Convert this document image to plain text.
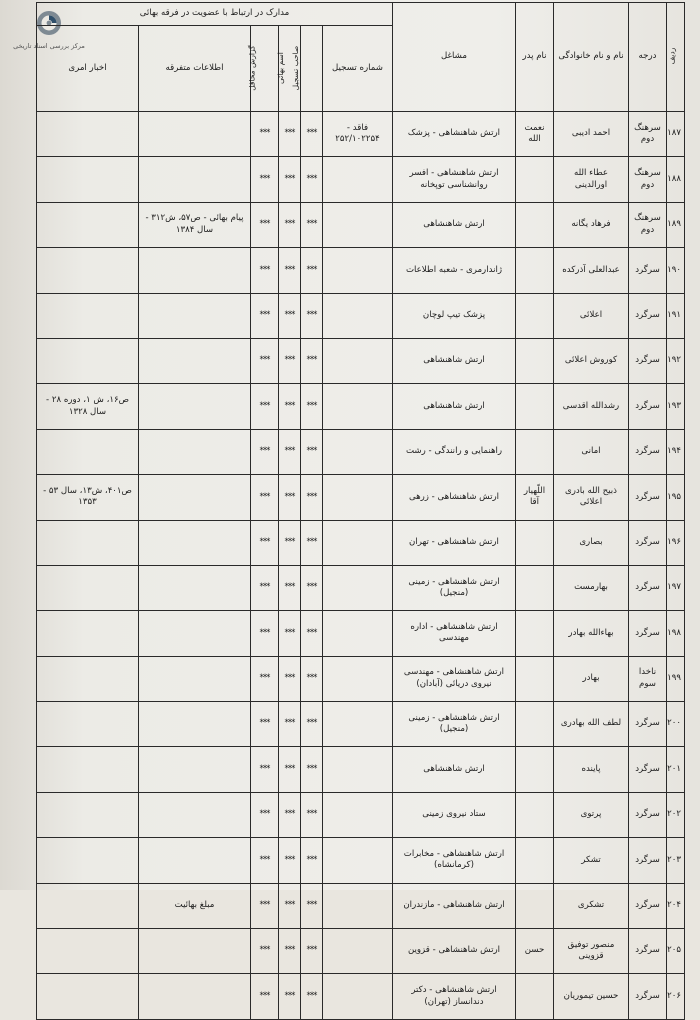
مرکز بررسی اسناد تاریخی
ردیف	درجه	نام و نام خانوادگی	نام پدر	مشاغل	مدارک در ارتباط با عضویت در فرقه بهائی					
					شماره تسجیل	صاحب تسجیل	اسم بهائی	گزارش محافل	اطلاعات متفرقه	اخبار امری
۱۸۷	سرهنگ دوم	احمد ادیبی	نعمت الله	ارتش شاهنشاهی - پزشک	فاقد - ۲۵۲/۱۰۲۲۵۴	***	***	***		
۱۸۸	سرهنگ دوم	عطاء الله اورالدینی		ارتش شاهنشاهی - افسر روانشناسی توپخانه		***	***	***		
۱۸۹	سرهنگ دوم	فرهاد یگانه		ارتش شاهنشاهی		***	***	***	پیام بهائی - ص۵۷، ش۳۱۲ - سال ۱۳۸۴	
۱۹۰	سرگرد	عبدالعلی آذرکده		ژاندارمری - شعبه اطلاعات		***	***	***		
۱۹۱	سرگرد	اعلائی		پزشک تیپ لوچان		***	***	***		
۱۹۲	سرگرد	کوروش اعلائی		ارتش شاهنشاهی		***	***	***		
۱۹۳	سرگرد	رشدالله اقدسی		ارتش شاهنشاهی		***	***	***		ص۱۶، ش ۱، دوره ۲۸ - سال ۱۳۲۸
۱۹۴	سرگرد	امانی		راهنمایی و رانندگی - رشت		***	***	***		
۱۹۵	سرگرد	ذبیح الله بادری اعلائی	اللّهیار آقا	ارتش شاهنشاهی - زرهی		***	***	***		ص۴۰۱، ش۱۳، سال ۵۳ - ۱۳۵۳
۱۹۶	سرگرد	بصاری		ارتش شاهنشاهی - تهران		***	***	***		
۱۹۷	سرگرد	بهارمست		ارتش شاهنشاهی - زمینی (منجیل)		***	***	***		
۱۹۸	سرگرد	بهاءالله بهادر		ارتش شاهنشاهی - اداره مهندسی		***	***	***		
۱۹۹	ناخدا سوم	بهادر		ارتش شاهنشاهی - مهندسی نیروی دریائی (آبادان)		***	***	***		
۲۰۰	سرگرد	لطف الله بهادری		ارتش شاهنشاهی - زمینی (منجیل)		***	***	***		
۲۰۱	سرگرد	پاینده		ارتش شاهنشاهی		***	***	***		
۲۰۲	سرگرد	پرتوی		ستاد نیروی زمینی		***	***	***		
۲۰۳	سرگرد	تشکر		ارتش شاهنشاهی - مخابرات (کرمانشاه)		***	***	***		
۲۰۴	سرگرد	تشکری		ارتش شاهنشاهی - مازندران		***	***	***	مبلغ بهائیت	
۲۰۵	سرگرد	منصور توفیق قزوینی	حسن	ارتش شاهنشاهی - قزوین		***	***	***		
۲۰۶	سرگرد	حسین تیموریان		ارتش شاهنشاهی - دکتر دندانساز (تهران)		***	***	***		
